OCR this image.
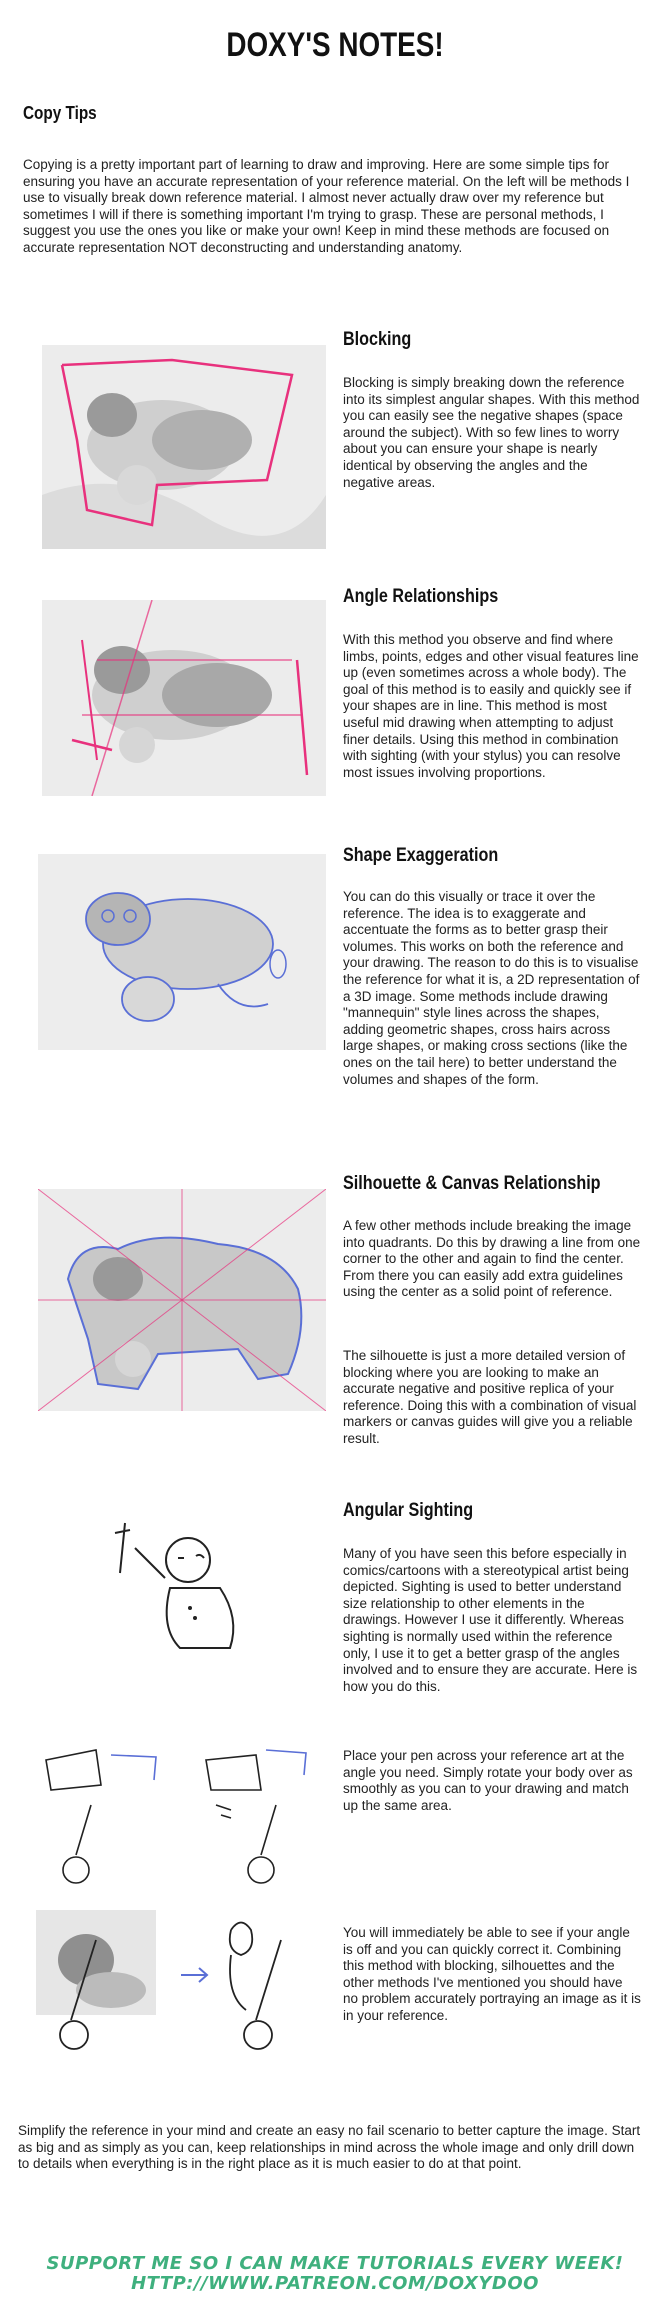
DOXY'S NOTES!
Copy Tips
Copying is a pretty important part of learning to draw and improving. Here are some simple tips for ensuring you have an accurate representation of your reference material. On the left will be methods I use to visually break down reference material. I almost never actually draw over my reference but sometimes I will if there is something important I'm trying to grasp. These are personal methods, I suggest you use the ones you like or make your own! Keep in mind these methods are focused on accurate representation NOT deconstructing and understanding anatomy.
Blocking
Blocking is simply breaking down the reference into its simplest angular shapes. With this method you can easily see the negative shapes (space around the subject). With so few lines to worry about you can ensure your shape is nearly identical by observing the angles and the negative areas.
Angle Relationships
With this method you observe and find where limbs, points, edges and other visual features line up (even sometimes across a whole body). The goal of this method is to easily and quickly see if your shapes are in line. This method is most useful mid drawing when attempting to adjust finer details. Using this method in combination with sighting (with your stylus) you can resolve most issues involving proportions.
Shape Exaggeration
You can do this visually or trace it over the reference. The idea is to exaggerate and accentuate the forms as to better grasp their volumes. This works on both the reference and your drawing. The reason to do this is to visualise the reference for what it is, a 2D representation of a 3D image. Some methods include drawing "mannequin" style lines across the shapes, adding geometric shapes, cross hairs across large shapes, or making cross sections (like the ones on the tail here) to better understand the volumes and shapes of the form.
Silhouette & Canvas Relationship
A few other methods include breaking the image into quadrants. Do this by drawing a line from one corner to the other and again to find the center. From there you can easily add extra guidelines using the center as a solid point of reference.
The silhouette is just a more detailed version of blocking where you are looking to make an accurate negative and positive replica of your reference. Doing this with a combination of visual markers or canvas guides will give you a reliable result.
Angular Sighting
Many of you have seen this before especially in comics/cartoons with a stereotypical artist being depicted. Sighting is used to better understand size relationship to other elements in the drawings. However I use it differently. Whereas sighting is normally used within the reference only, I use it to get a better grasp of the angles involved and to ensure they are accurate. Here is how you do this.
Place your pen across your reference art at the angle you need. Simply rotate your body over as smoothly as you can to your drawing and match up the same area.
You will immediately be able to see if your angle is off and you can quickly correct it. Combining this method with blocking, silhouettes and the other methods I've mentioned you should have no problem accurately portraying an image as it is in your reference.
Simplify the reference in your mind and create an easy no fail scenario to better capture the image. Start as big and as simply as you can, keep relationships in mind across the whole image and only drill down to details when everything is in the right place as it is much easier to do at that point.
SUPPORT ME SO I CAN MAKE TUTORIALS EVERY WEEK!
HTTP://WWW.PATREON.COM/DOXYDOO
